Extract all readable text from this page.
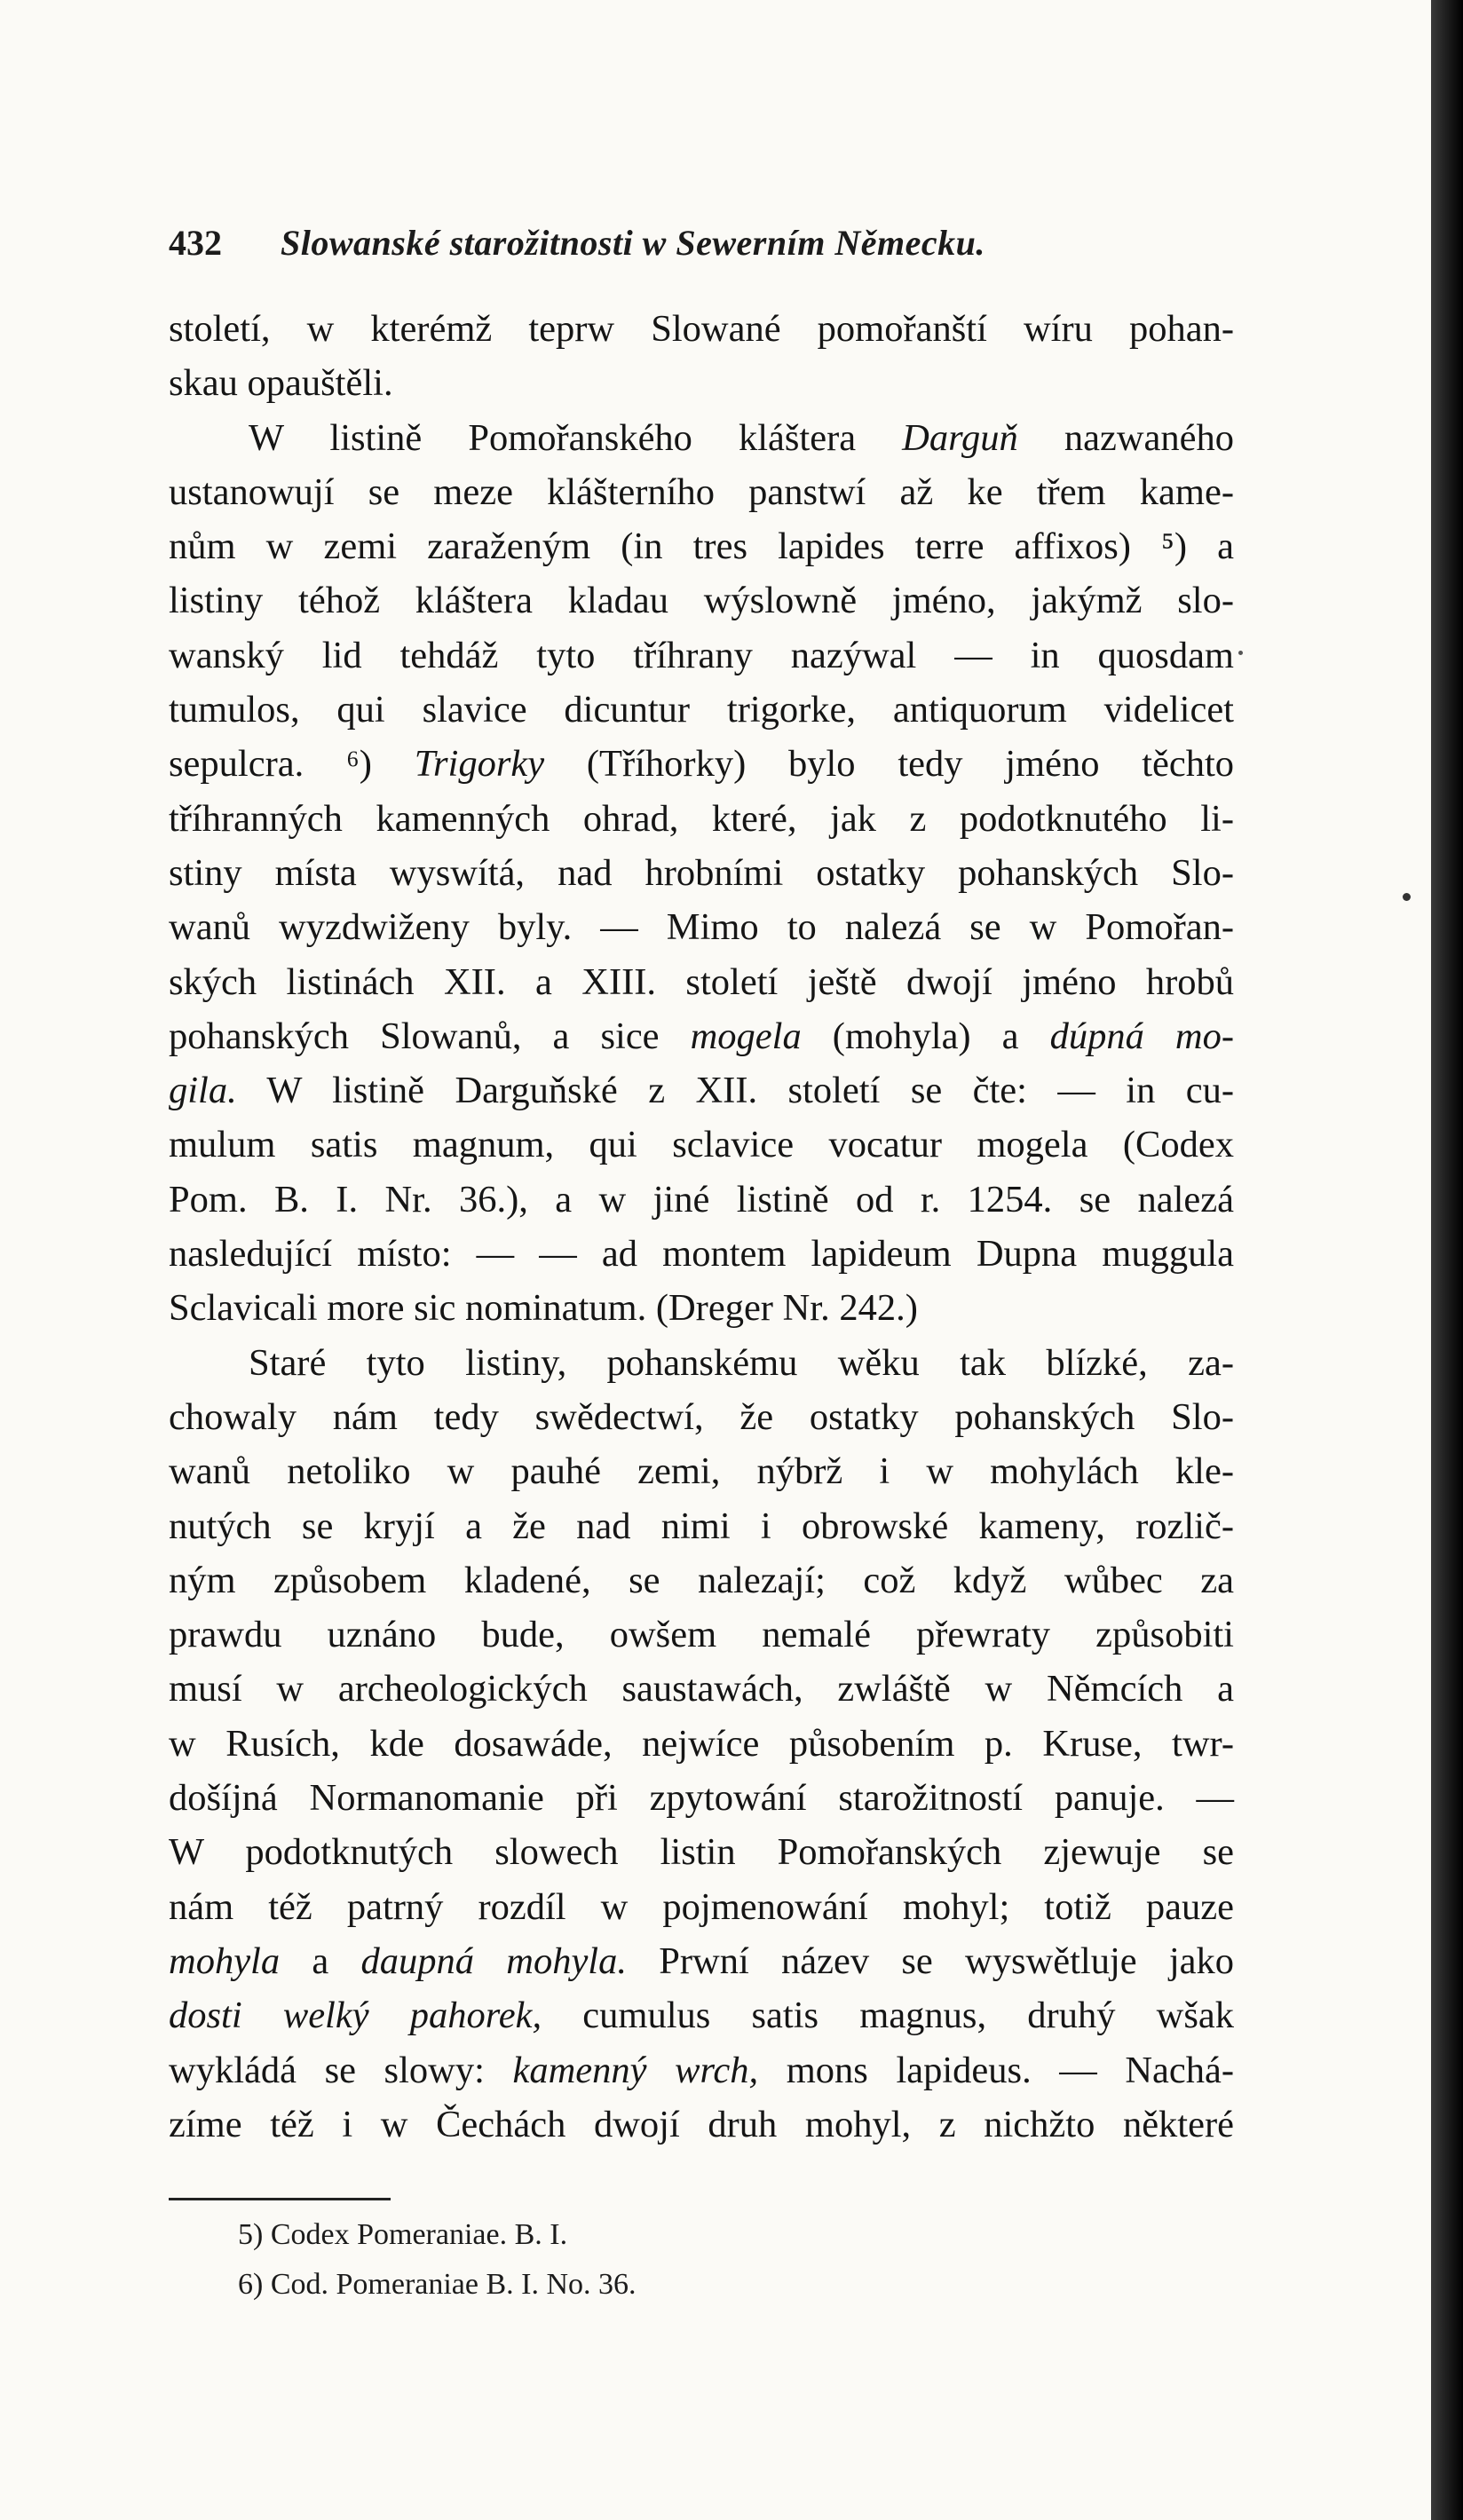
432 Slowanské starožitnosti w Sewerním Německu.
století, w kterémž teprw Slowané pomořanští wíru pohan-
skau opauštěli.
W listině Pomořanského kláštera Darguň nazwaného
ustanowují se meze klášterního panstwí až ke třem kame-
nům w zemi zaraženým (in tres lapides terre affixos) ⁵) a
listiny téhož kláštera kladau wýslowně jméno, jakýmž slo-
wanský lid tehdáž tyto tříhrany nazýwal — in quosdam
tumulos, qui slavice dicuntur trigorke, antiquorum videlicet
sepulcra. ⁶) Trigorky (Tříhorky) bylo tedy jméno těchto
tříhranných kamenných ohrad, které, jak z podotknutého li-
stiny místa wyswítá, nad hrobními ostatky pohanských Slo-
wanů wyzdwiženy byly. — Mimo to nalezá se w Pomořan-
ských listinách XII. a XIII. století ještě dwojí jméno hrobů
pohanských Slowanů, a sice mogela (mohyla) a dúpná mo-
gila. W listině Darguňské z XII. století se čte: — in cu-
mulum satis magnum, qui sclavice vocatur mogela (Codex
Pom. B. I. Nr. 36.), a w jiné listině od r. 1254. se nalezá
nasledující místo: — — ad montem lapideum Dupna muggula
Sclavicali more sic nominatum. (Dreger Nr. 242.)
Staré tyto listiny, pohanskému wěku tak blízké, za-
chowaly nám tedy swědectwí, že ostatky pohanských Slo-
wanů netoliko w pauhé zemi, nýbrž i w mohylách kle-
nutých se kryjí a že nad nimi i obrowské kameny, rozlič-
ným způsobem kladené, se nalezají; což když wůbec za
prawdu uznáno bude, owšem nemalé přewraty způsobiti
musí w archeologických saustawách, zwláště w Němcích a
w Rusích, kde dosawáde, nejwíce působením p. Kruse, twr-
došíjná Normanomanie při zpytowání starožitností panuje. —
W podotknutých slowech listin Pomořanských zjewuje se
nám též patrný rozdíl w pojmenowání mohyl; totiž pauze
mohyla a daupná mohyla. Prwní název se wyswětluje jako
dosti welký pahorek, cumulus satis magnus, druhý wšak
wykládá se slowy: kamenný wrch, mons lapideus. — Nachá-
zíme též i w Čechách dwojí druh mohyl, z nichžto některé
5) Codex Pomeraniae. B. I.
6) Cod. Pomeraniae B. I. No. 36.
